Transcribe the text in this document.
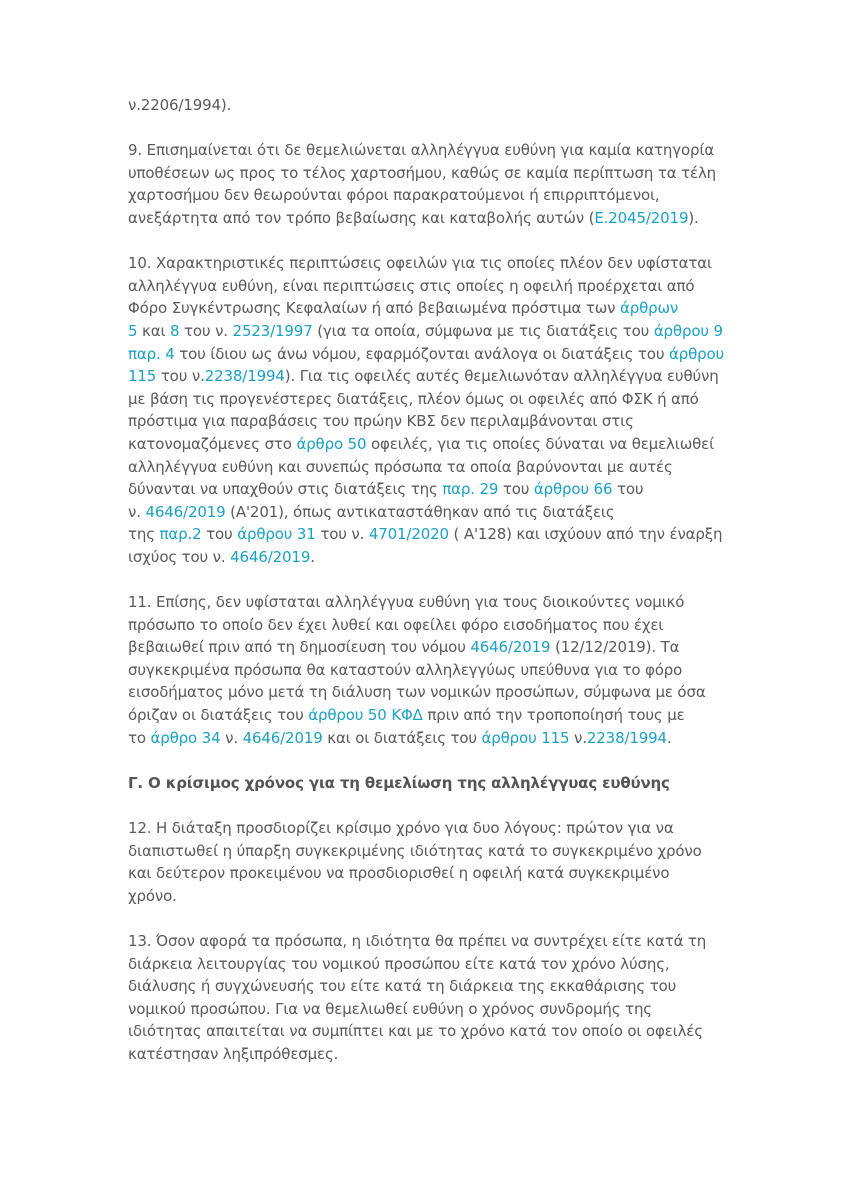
ν.2206/1994).
9. Επισημαίνεται ότι δε θεμελιώνεται αλληλέγγυα ευθύνη για καμία κατηγορία
υποθέσεων ως προς το τέλος χαρτοσήμου, καθώς σε καμία περίπτωση τα τέλη
χαρτοσήμου δεν θεωρούνται φόροι παρακρατούμενοι ή επιρριπτόμενοι,
ανεξάρτητα από τον τρόπο βεβαίωσης και καταβολής αυτών (Ε.2045/2019).
10. Χαρακτηριστικές περιπτώσεις οφειλών για τις οποίες πλέον δεν υφίσταται
αλληλέγγυα ευθύνη, είναι περιπτώσεις στις οποίες η οφειλή προέρχεται από
Φόρο Συγκέντρωσης Κεφαλαίων ή από βεβαιωμένα πρόστιμα των άρθρων
5 και 8 του ν. 2523/1997 (για τα οποία, σύμφωνα με τις διατάξεις του άρθρου 9
παρ. 4 του ίδιου ως άνω νόμου, εφαρμόζονται ανάλογα οι διατάξεις του άρθρου
115 του ν.2238/1994). Για τις οφειλές αυτές θεμελιωνόταν αλληλέγγυα ευθύνη
με βάση τις προγενέστερες διατάξεις, πλέον όμως οι οφειλές από ΦΣΚ ή από
πρόστιμα για παραβάσεις του πρώην ΚΒΣ δεν περιλαμβάνονται στις
κατονομαζόμενες στο άρθρο 50 οφειλές, για τις οποίες δύναται να θεμελιωθεί
αλληλέγγυα ευθύνη και συνεπώς πρόσωπα τα οποία βαρύνονται με αυτές
δύνανται να υπαχθούν στις διατάξεις της παρ. 29 του άρθρου 66 του
ν. 4646/2019 (Α'201), όπως αντικαταστάθηκαν από τις διατάξεις
της παρ.2 του άρθρου 31 του ν. 4701/2020 ( Α'128) και ισχύουν από την έναρξη
ισχύος του ν. 4646/2019.
11. Επίσης, δεν υφίσταται αλληλέγγυα ευθύνη για τους διοικούντες νομικό
πρόσωπο το οποίο δεν έχει λυθεί και οφείλει φόρο εισοδήματος που έχει
βεβαιωθεί πριν από τη δημοσίευση του νόμου 4646/2019 (12/12/2019). Τα
συγκεκριμένα πρόσωπα θα καταστούν αλληλεγγύως υπεύθυνα για το φόρο
εισοδήματος μόνο μετά τη διάλυση των νομικών προσώπων, σύμφωνα με όσα
όριζαν οι διατάξεις του άρθρου 50 ΚΦΔ πριν από την τροποποίησή τους με
το άρθρο 34 ν. 4646/2019 και οι διατάξεις του άρθρου 115 ν.2238/1994.
Γ. Ο κρίσιμος χρόνος για τη θεμελίωση της αλληλέγγυας ευθύνης
12. Η διάταξη προσδιορίζει κρίσιμο χρόνο για δυο λόγους: πρώτον για να
διαπιστωθεί η ύπαρξη συγκεκριμένης ιδιότητας κατά το συγκεκριμένο χρόνο
και δεύτερον προκειμένου να προσδιορισθεί η οφειλή κατά συγκεκριμένο
χρόνο.
13. Όσον αφορά τα πρόσωπα, η ιδιότητα θα πρέπει να συντρέχει είτε κατά τη
διάρκεια λειτουργίας του νομικού προσώπου είτε κατά τον χρόνο λύσης,
διάλυσης ή συγχώνευσής του είτε κατά τη διάρκεια της εκκαθάρισης του
νομικού προσώπου. Για να θεμελιωθεί ευθύνη ο χρόνος συνδρομής της
ιδιότητας απαιτείται να συμπίπτει και με το χρόνο κατά τον οποίο οι οφειλές
κατέστησαν ληξιπρόθεσμες.
